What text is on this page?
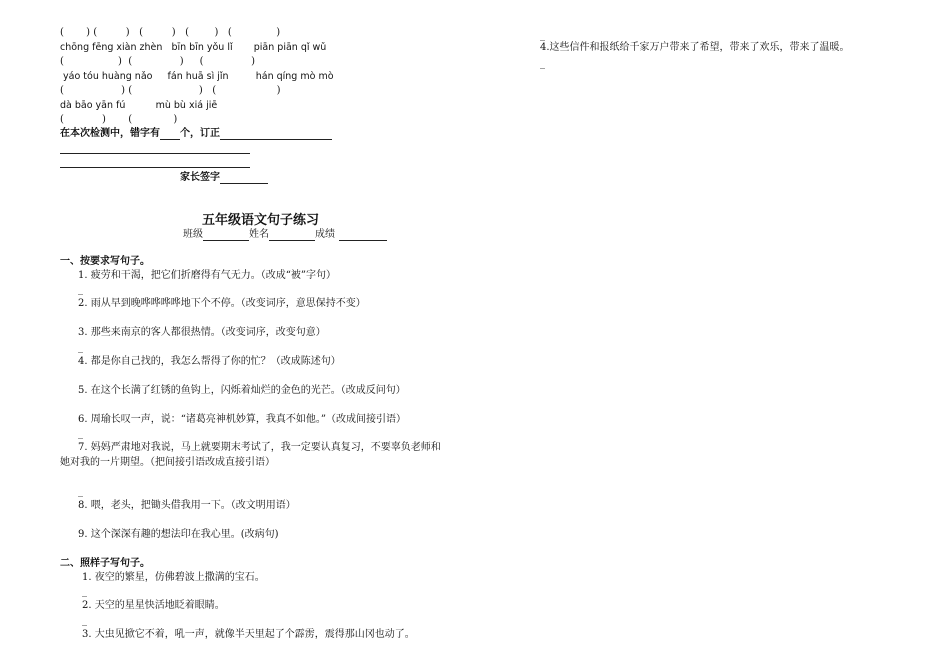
(       ) (         )   (         )   (        )   (              )
chōng fēng xiàn zhèn   bīn bīn yǒu lǐ       piān piān qǐ wǔ
(                 )  (               )     (               )
yáo tóu huàng nǎo     fán huā sì jǐn         hán qíng mò mò
(                  ) (                     )   (                   )
dà bāo yān fú          mù bù xiá jiē
(            )       (             )
在本次检测中，错字有 个，订正
家长签字
_
4.这些信件和报纸给千家万户带来了希望，带来了欢乐，带来了温暖。
_
五年级语文句子练习
班级	姓名	成绩
一、按要求写句子。
1. 疲劳和干渴，把它们折磨得有气无力。（改成“被”字句）
_
2. 雨从早到晚哗哗哗哗地下个不停。（改变词序，意思保持不变）
3. 那些来南京的客人都很热情。（改变词序，改变句意）
_
4. 都是你自己找的，我怎么帮得了你的忙？（改成陈述句）
5. 在这个长满了红锈的鱼钩上，闪烁着灿烂的金色的光芒。（改成反问句）
6. 周瑜长叹一声，说：“诸葛亮神机妙算，我真不如他。”（改成间接引语）
_
7. 妈妈严肃地对我说，马上就要期末考试了，我一定要认真复习，不要辜负老师和
她对我的一片期望。（把间接引语改成直接引语）
_
8. 喂，老头，把锄头借我用一下。（改文明用语）
9. 这个深深有趣的想法印在我心里。(改病句)
二、照样子写句子。
1. 夜空的繁星，仿佛碧波上撒满的宝石。
_
2. 天空的星星快活地眨着眼睛。
_
3. 大虫见掀它不着，吼一声，就像半天里起了个霹雳，震得那山冈也动了。
